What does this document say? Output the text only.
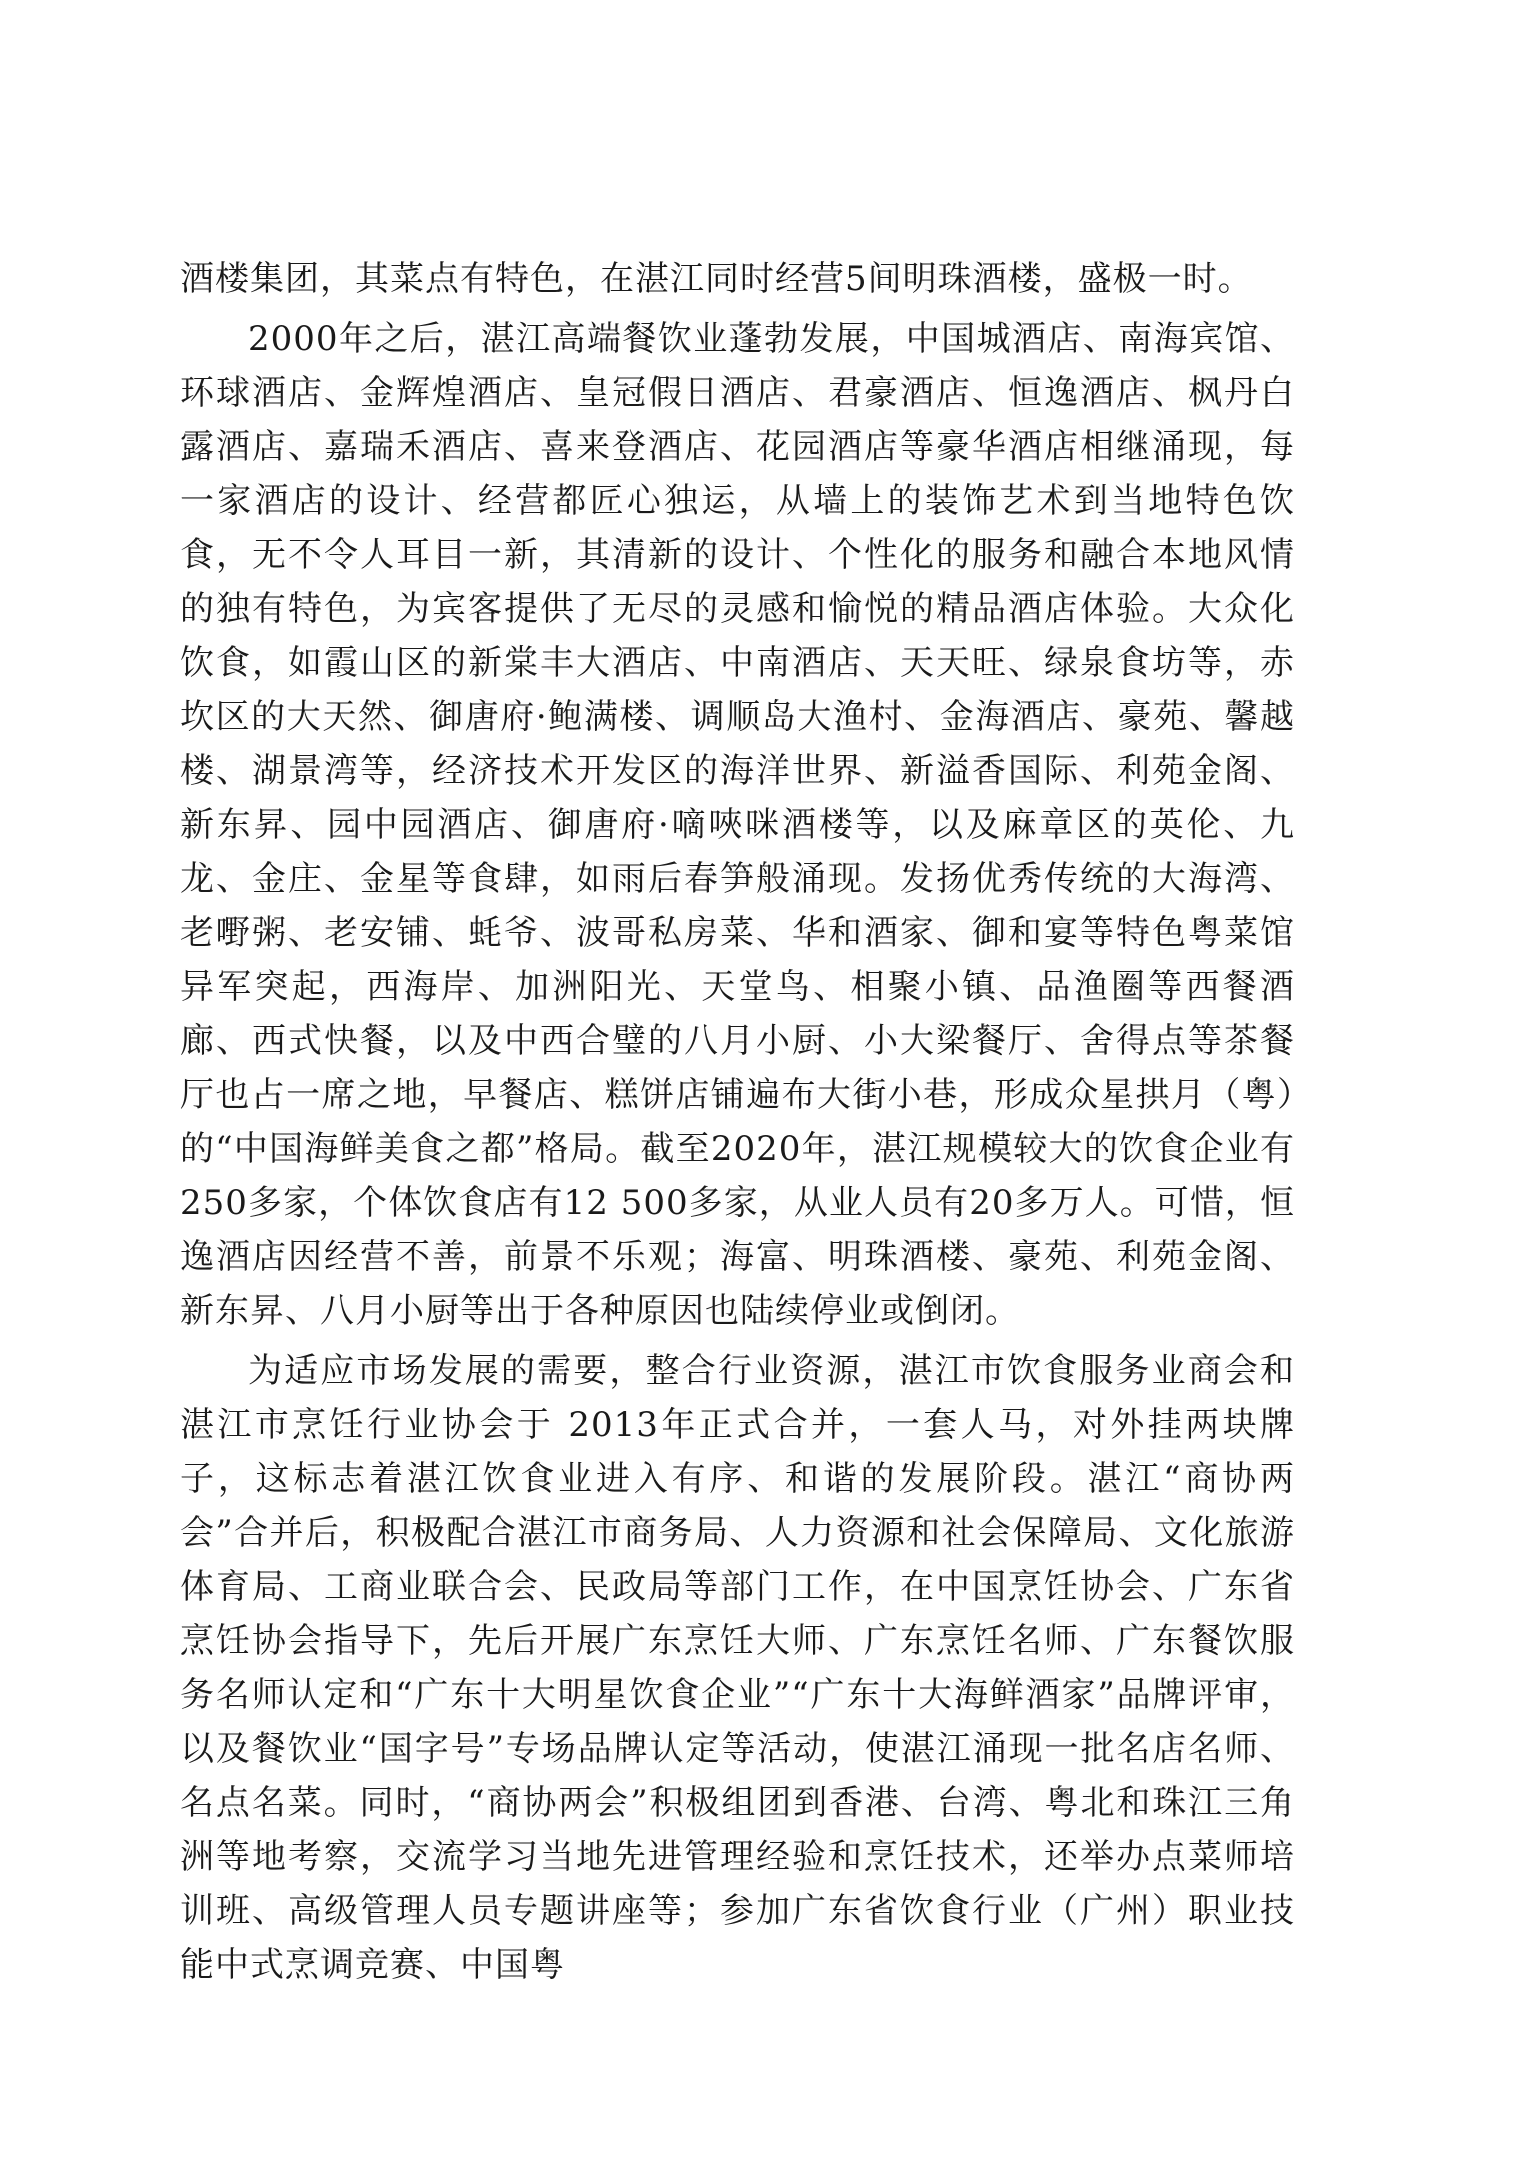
酒楼集团，其菜点有特色，在湛江同时经营5间明珠酒楼，盛极一时。

2000年之后，湛江高端餐饮业蓬勃发展，中国城酒店、南海宾馆、环球酒店、金辉煌酒店、皇冠假日酒店、君豪酒店、恒逸酒店、枫丹白露酒店、嘉瑞禾酒店、喜来登酒店、花园酒店等豪华酒店相继涌现，每一家酒店的设计、经营都匠心独运，从墙上的装饰艺术到当地特色饮食，无不令人耳目一新，其清新的设计、个性化的服务和融合本地风情的独有特色，为宾客提供了无尽的灵感和愉悦的精品酒店体验。大众化饮食，如霞山区的新棠丰大酒店、中南酒店、天天旺、绿泉食坊等，赤坎区的大天然、御唐府·鲍满楼、调顺岛大渔村、金海酒店、豪苑、馨越楼、湖景湾等，经济技术开发区的海洋世界、新溢香国际、利苑金阁、新东昇、园中园酒店、御唐府·嘀唊咪酒楼等，以及麻章区的英伦、九龙、金庄、金星等食肆，如雨后春笋般涌现。发扬优秀传统的大海湾、老嘢粥、老安铺、蚝爷、波哥私房菜、华和酒家、御和宴等特色粤菜馆异军突起，西海岸、加洲阳光、天堂鸟、相聚小镇、品渔圈等西餐酒廊、西式快餐，以及中西合璧的八月小厨、小大梁餐厅、舍得点等茶餐厅也占一席之地，早餐店、糕饼店铺遍布大街小巷，形成众星拱月（粤）的“中国海鲜美食之都”格局。截至2020年，湛江规模较大的饮食企业有250多家，个体饮食店有12 500多家，从业人员有20多万人。可惜，恒逸酒店因经营不善，前景不乐观；海富、明珠酒楼、豪苑、利苑金阁、新东昇、八月小厨等出于各种原因也陆续停业或倒闭。

为适应市场发展的需要，整合行业资源，湛江市饮食服务业商会和湛江市烹饪行业协会于 2013年正式合并，一套人马，对外挂两块牌子，这标志着湛江饮食业进入有序、和谐的发展阶段。湛江“商协两会”合并后，积极配合湛江市商务局、人力资源和社会保障局、文化旅游体育局、工商业联合会、民政局等部门工作，在中国烹饪协会、广东省烹饪协会指导下，先后开展广东烹饪大师、广东烹饪名师、广东餐饮服务名师认定和“广东十大明星饮食企业”“广东十大海鲜酒家”品牌评审，以及餐饮业“国字号”专场品牌认定等活动，使湛江涌现一批名店名师、名点名菜。同时，“商协两会”积极组团到香港、台湾、粤北和珠江三角洲等地考察，交流学习当地先进管理经验和烹饪技术，还举办点菜师培训班、高级管理人员专题讲座等；参加广东省饮食行业（广州）职业技能中式烹调竞赛、中国粤
